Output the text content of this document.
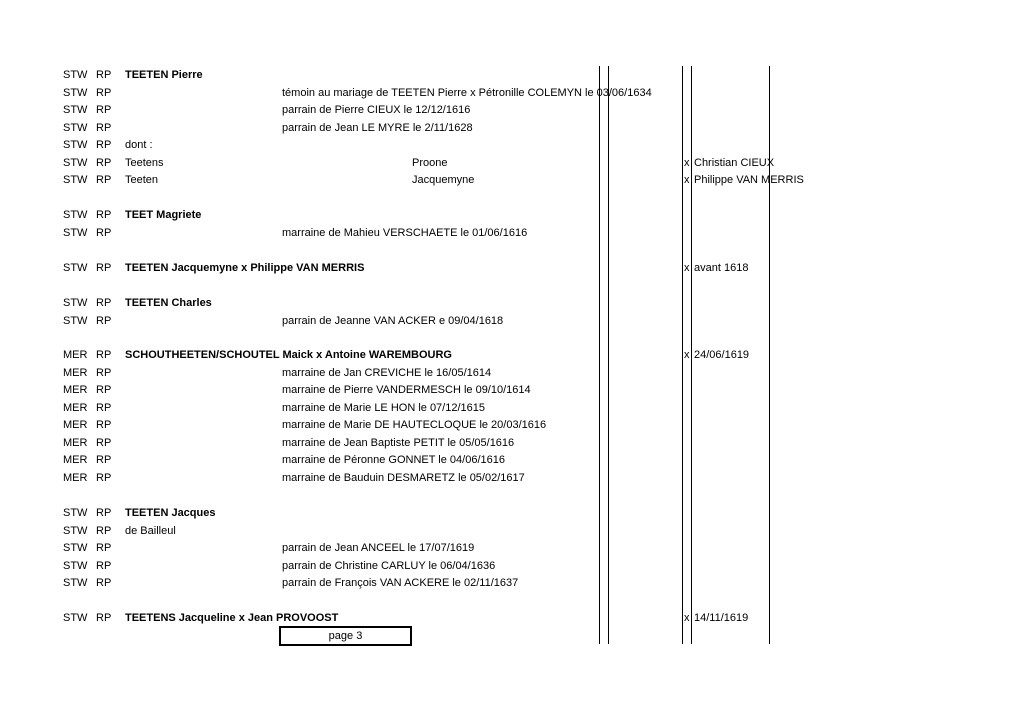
STW RP TEETEN Pierre
STW RP	témoin au mariage de TEETEN Pierre x Pétronille COLEMYN le 03/06/1634
STW RP	parrain de Pierre CIEUX le 12/12/1616
STW RP	parrain de Jean LE MYRE le 2/11/1628
STW RP dont :
STW RP Teetens	Proone	x Christian CIEUX
STW RP Teeten	Jacquemyne	x Philippe VAN MERRIS
STW RP TEET Magriete
STW RP	marraine de Mahieu VERSCHAETE le 01/06/1616
STW RP TEETEN Jacquemyne x Philippe VAN MERRIS	x avant 1618
STW RP TEETEN Charles
STW RP	parrain de Jeanne VAN ACKER e 09/04/1618
MER RP SCHOUTHEETEN/SCHOUTEL Maick x Antoine WAREMBOURG	x 24/06/1619
MER RP	marraine de Jan CREVICHE le 16/05/1614
MER RP	marraine de Pierre VANDERMESCH le 09/10/1614
MER RP	marraine de Marie LE HON le 07/12/1615
MER RP	marraine de Marie DE HAUTECLOQUE le 20/03/1616
MER RP	marraine de Jean Baptiste PETIT le 05/05/1616
MER RP	marraine de Péronne GONNET le 04/06/1616
MER RP	marraine de Bauduin DESMARETZ le 05/02/1617
STW RP TEETEN Jacques
STW RP de Bailleul
STW RP	parrain de Jean ANCEEL le 17/07/1619
STW RP	parrain de Christine CARLUY le 06/04/1636
STW RP	parrain de François VAN ACKERE le 02/11/1637
STW RP TEETENS Jacqueline x Jean PROVOOST	x 14/11/1619
page 3
